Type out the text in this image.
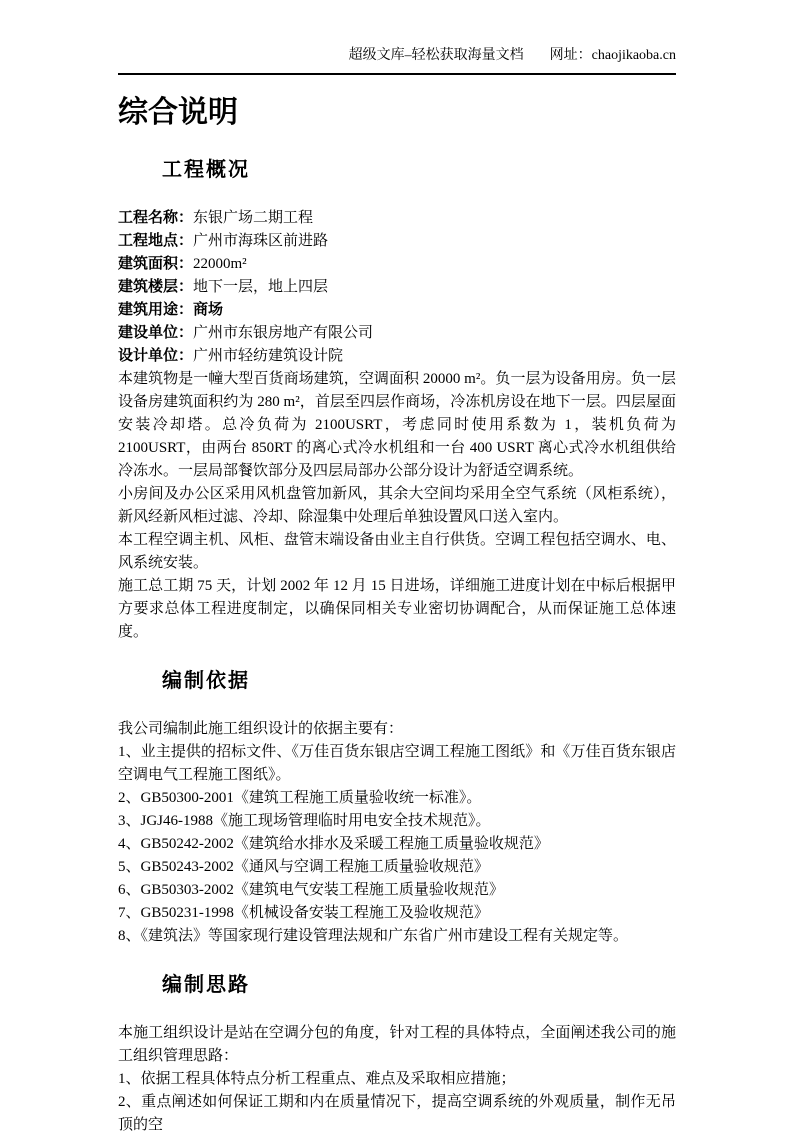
超级文库–轻松获取海量文档 网址：chaojikaoba.cn
综合说明
工程概况
工程名称：东银广场二期工程
工程地点：广州市海珠区前进路
建筑面积：22000m²
建筑楼层：地下一层，地上四层
建筑用途：商场
建设单位：广州市东银房地产有限公司
设计单位：广州市轻纺建筑设计院

本建筑物是一幢大型百货商场建筑，空调面积 20000 m²。负一层为设备用房。负一层设备房建筑面积约为 280 m²，首层至四层作商场，冷冻机房设在地下一层。四层屋面安装冷却塔。总冷负荷为 2100USRT，考虑同时使用系数为 1，装机负荷为 2100USRT，由两台 850RT 的离心式冷水机组和一台 400 USRT 离心式冷水机组供给冷冻水。一层局部餐饮部分及四层局部办公部分设计为舒适空调系统。

小房间及办公区采用风机盘管加新风，其余大空间均采用全空气系统（风柜系统），新风经新风柜过滤、冷却、除湿集中处理后单独设置风口送入室内。

本工程空调主机、风柜、盘管末端设备由业主自行供货。空调工程包括空调水、电、风系统安装。

施工总工期 75 天，计划 2002 年 12 月 15 日进场，详细施工进度计划在中标后根据甲方要求总体工程进度制定，以确保同相关专业密切协调配合，从而保证施工总体速度。

编制依据

我公司编制此施工组织设计的依据主要有：

1、业主提供的招标文件、《万佳百货东银店空调工程施工图纸》和《万佳百货东银店空调电气工程施工图纸》。

2、GB50300-2001《建筑工程施工质量验收统一标准》。

3、JGJ46-1988《施工现场管理临时用电安全技术规范》。

4、GB50242-2002《建筑给水排水及采暖工程施工质量验收规范》

5、GB50243-2002《通风与空调工程施工质量验收规范》

6、GB50303-2002《建筑电气安装工程施工质量验收规范》

7、GB50231-1998《机械设备安装工程施工及验收规范》

8、《建筑法》等国家现行建设管理法规和广东省广州市建设工程有关规定等。

编制思路

本施工组织设计是站在空调分包的角度，针对工程的具体特点，全面阐述我公司的施工组织管理思路：

1、依据工程具体特点分析工程重点、难点及采取相应措施；

2、重点阐述如何保证工期和内在质量情况下，提高空调系统的外观质量，制作无吊顶的空
